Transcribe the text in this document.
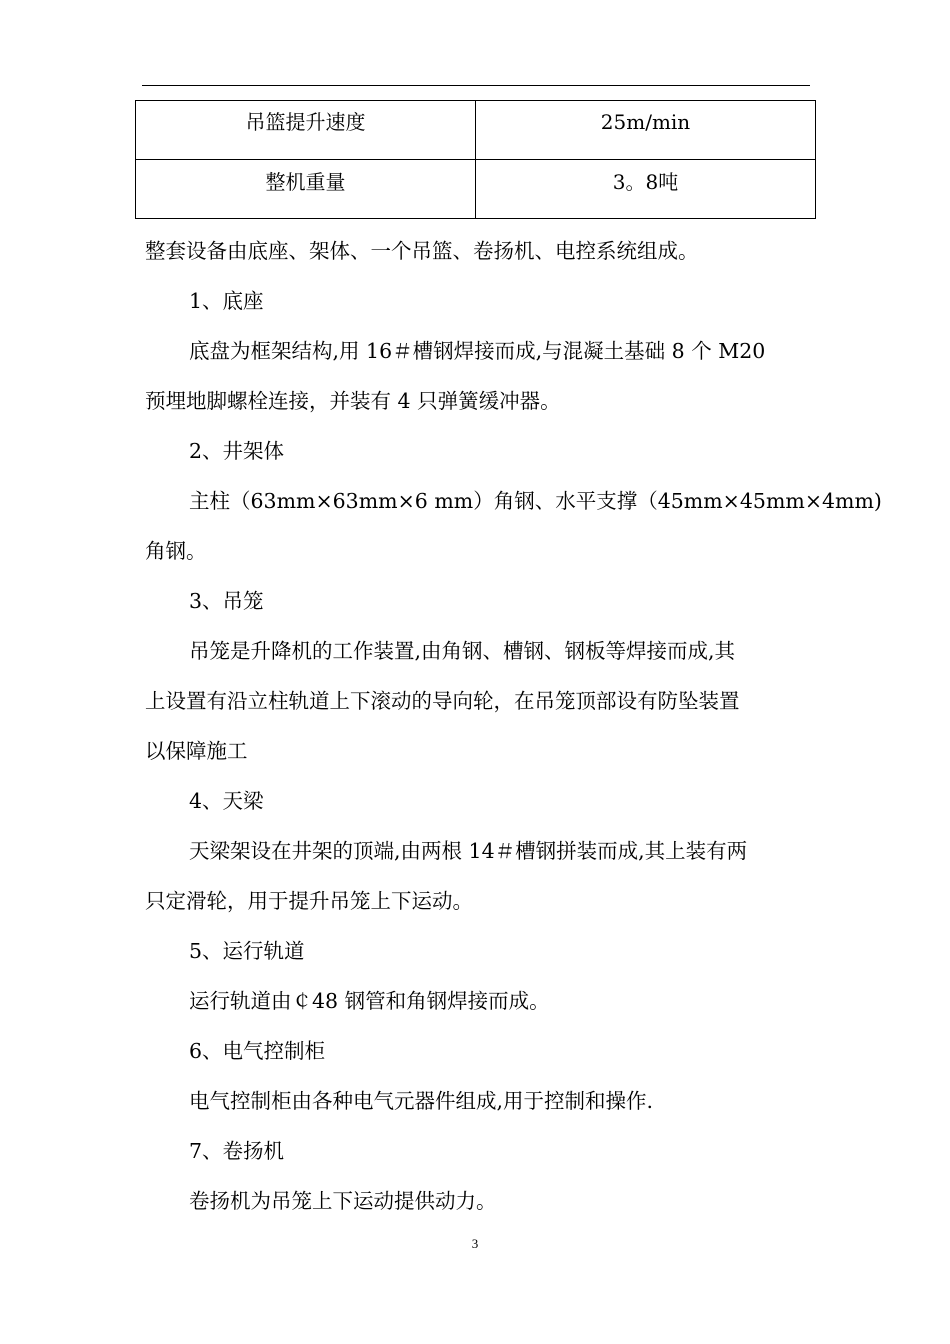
吊篮提升速度	25m/min
整机重量	3。8吨

整套设备由底座、架体、一个吊篮、卷扬机、电控系统组成。

1、底座

底盘为框架结构,用 16＃槽钢焊接而成,与混凝土基础 8 个 M20

预埋地脚螺栓连接，并装有 4 只弹簧缓冲器。

2、井架体

主柱（63mm×63mm×6 mm）角钢、水平支撑（45mm×45mm×4mm)

角钢。

3、吊笼

吊笼是升降机的工作装置,由角钢、槽钢、钢板等焊接而成,其

上设置有沿立柱轨道上下滚动的导向轮，在吊笼顶部设有防坠装置

以保障施工

4、天梁

天梁架设在井架的顶端,由两根 14＃槽钢拼装而成,其上装有两

只定滑轮，用于提升吊笼上下运动。

5、运行轨道

运行轨道由￠48 钢管和角钢焊接而成。

6、电气控制柜

电气控制柜由各种电气元器件组成,用于控制和操作.

7、卷扬机

卷扬机为吊笼上下运动提供动力。

3
